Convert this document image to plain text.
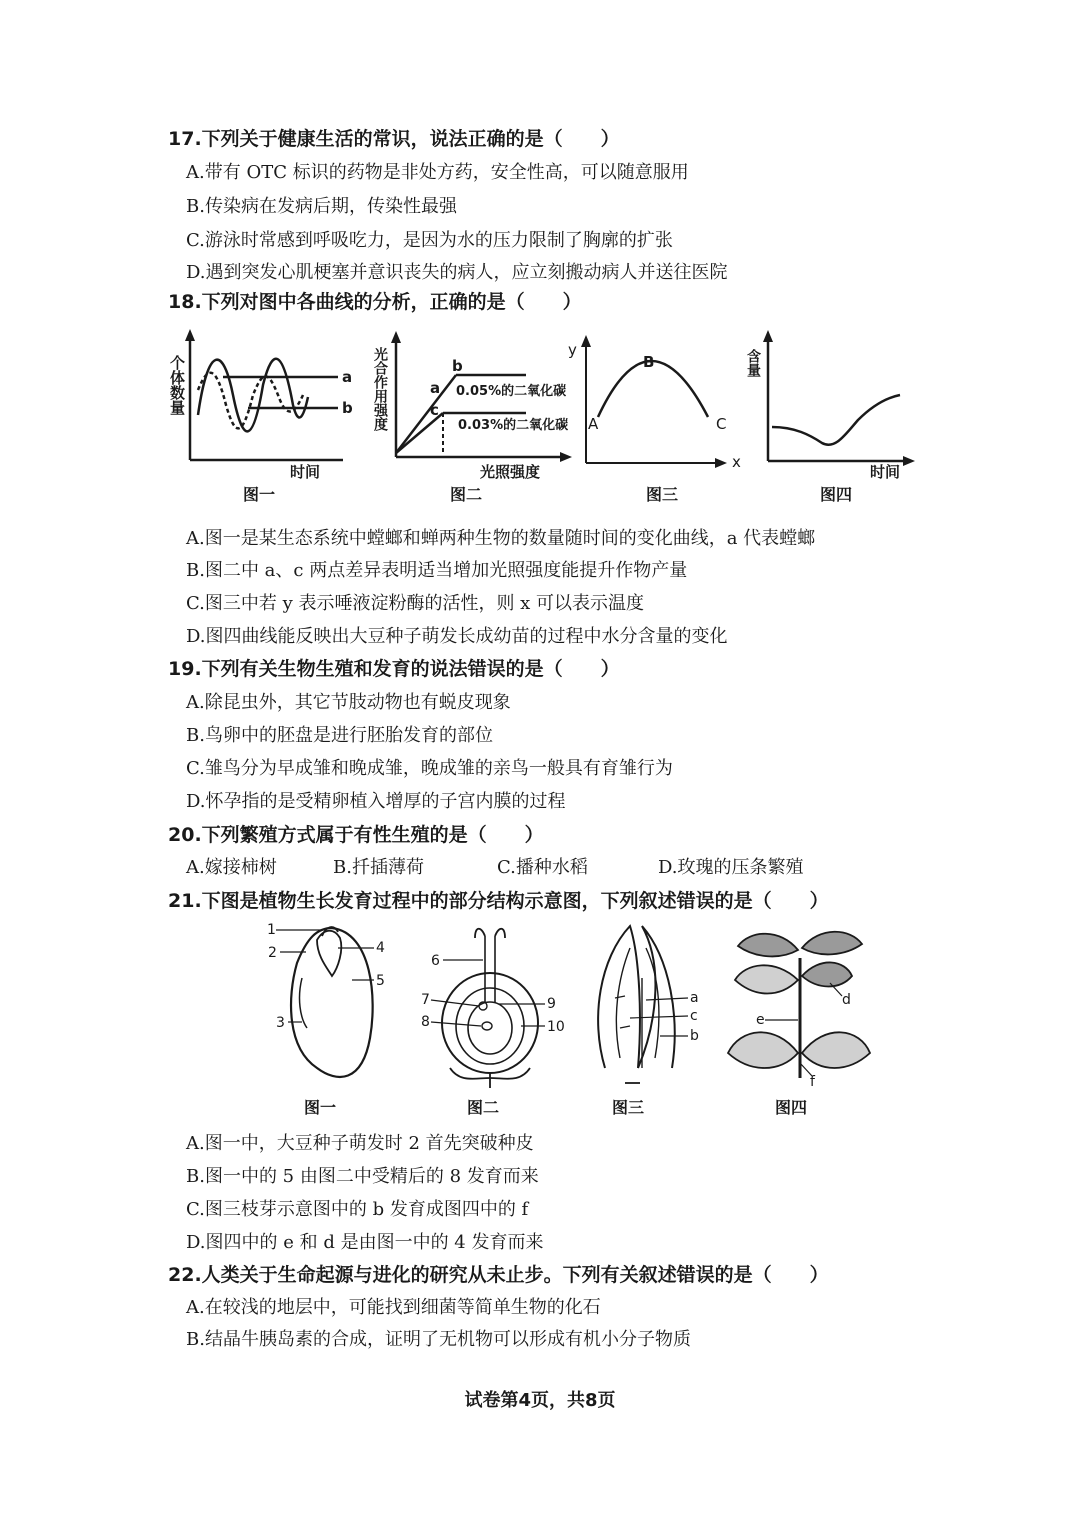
17.下列关于健康生活的常识，说法正确的是（　　）
A.带有 OTC 标识的药物是非处方药，安全性高，可以随意服用
B.传染病在发病后期，传染性最强
C.游泳时常感到呼吸吃力，是因为水的压力限制了胸廓的扩张
D.遇到突发心肌梗塞并意识丧失的病人，应立刻搬动病人并送往医院
18.下列对图中各曲线的分析，正确的是（　　）
个体数量	a
b
时间
图一
光合作用强度	b
a
c
0.05%的二氧化碳
0.03%的二氧化碳
光照强度
图二
y
x
A
B
C
图三
含量
时间
图四
A.图一是某生态系统中螳螂和蝉两种生物的数量随时间的变化曲线，a 代表螳螂
B.图二中 a、c 两点差异表明适当增加光照强度能提升作物产量
C.图三中若 y 表示唾液淀粉酶的活性，则 x 可以表示温度
D.图四曲线能反映出大豆种子萌发长成幼苗的过程中水分含量的变化
19.下列有关生物生殖和发育的说法错误的是（　　）
A.除昆虫外，其它节肢动物也有蜕皮现象
B.鸟卵中的胚盘是进行胚胎发育的部位
C.雏鸟分为早成雏和晚成雏，晚成雏的亲鸟一般具有育雏行为
D.怀孕指的是受精卵植入增厚的子宫内膜的过程
20.下列繁殖方式属于有性生殖的是（　　）
A.嫁接柿树	B.扦插薄荷	C.播种水稻	D.玫瑰的压条繁殖
21.下图是植物生长发育过程中的部分结构示意图，下列叙述错误的是（　　）
1
2
3
4
5
图一
6
7
8
9
10
图二
a
c
b
图三
d
e
f
图四
A.图一中，大豆种子萌发时 2 首先突破种皮
B.图一中的 5 由图二中受精后的 8 发育而来
C.图三枝芽示意图中的 b 发育成图四中的 f
D.图四中的 e 和 d 是由图一中的 4 发育而来
22.人类关于生命起源与进化的研究从未止步。下列有关叙述错误的是（　　）
A.在较浅的地层中，可能找到细菌等简单生物的化石
B.结晶牛胰岛素的合成，证明了无机物可以形成有机小分子物质
试卷第4页，共8页
